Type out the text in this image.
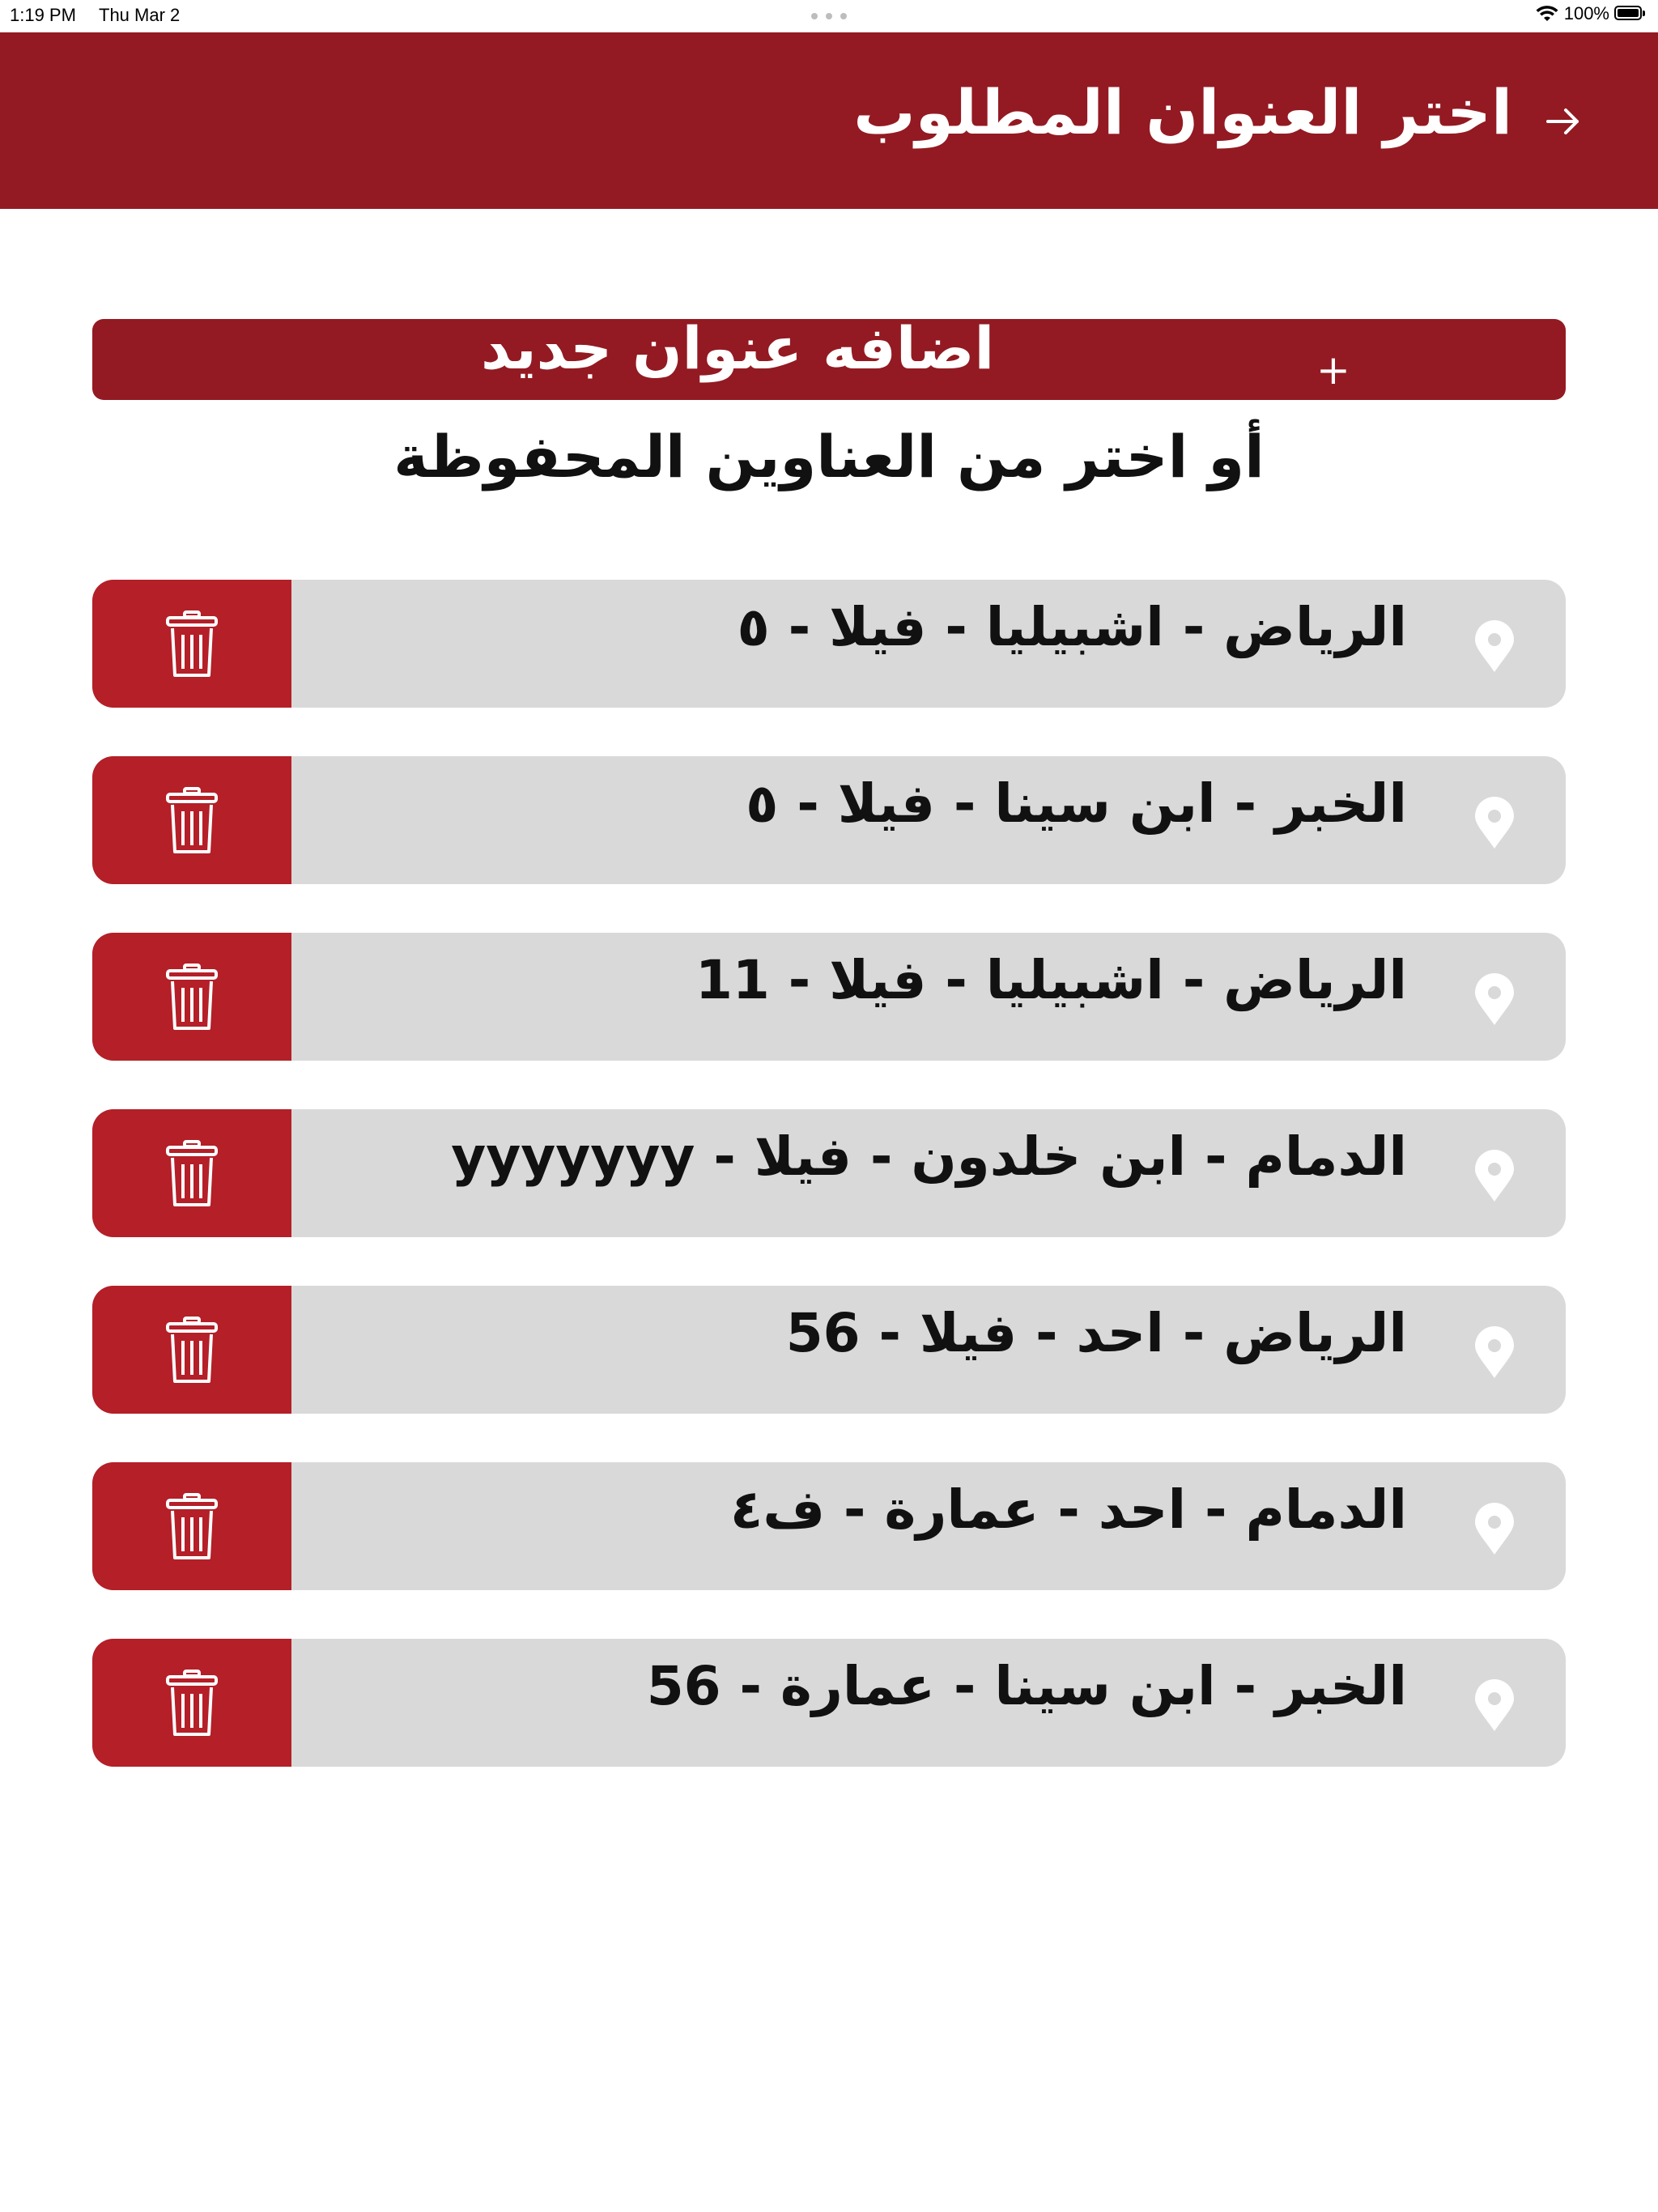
1:19 PM Thu Mar 2	100%
اختر العنوان المطلوب
اضافه عنوان جديد	+
أو اختر من العناوين المحفوظة
الرياض - اشبيليا - فيلا - ٥
الخبر - ابن سينا - فيلا - ٥
الرياض - اشبيليا - فيلا - 11
الدمام - ابن خلدون - فيلا - yyyyyyy
الرياض - احد - فيلا - 56
الدمام - احد - عمارة - ف٤
الخبر - ابن سينا - عمارة - 56
